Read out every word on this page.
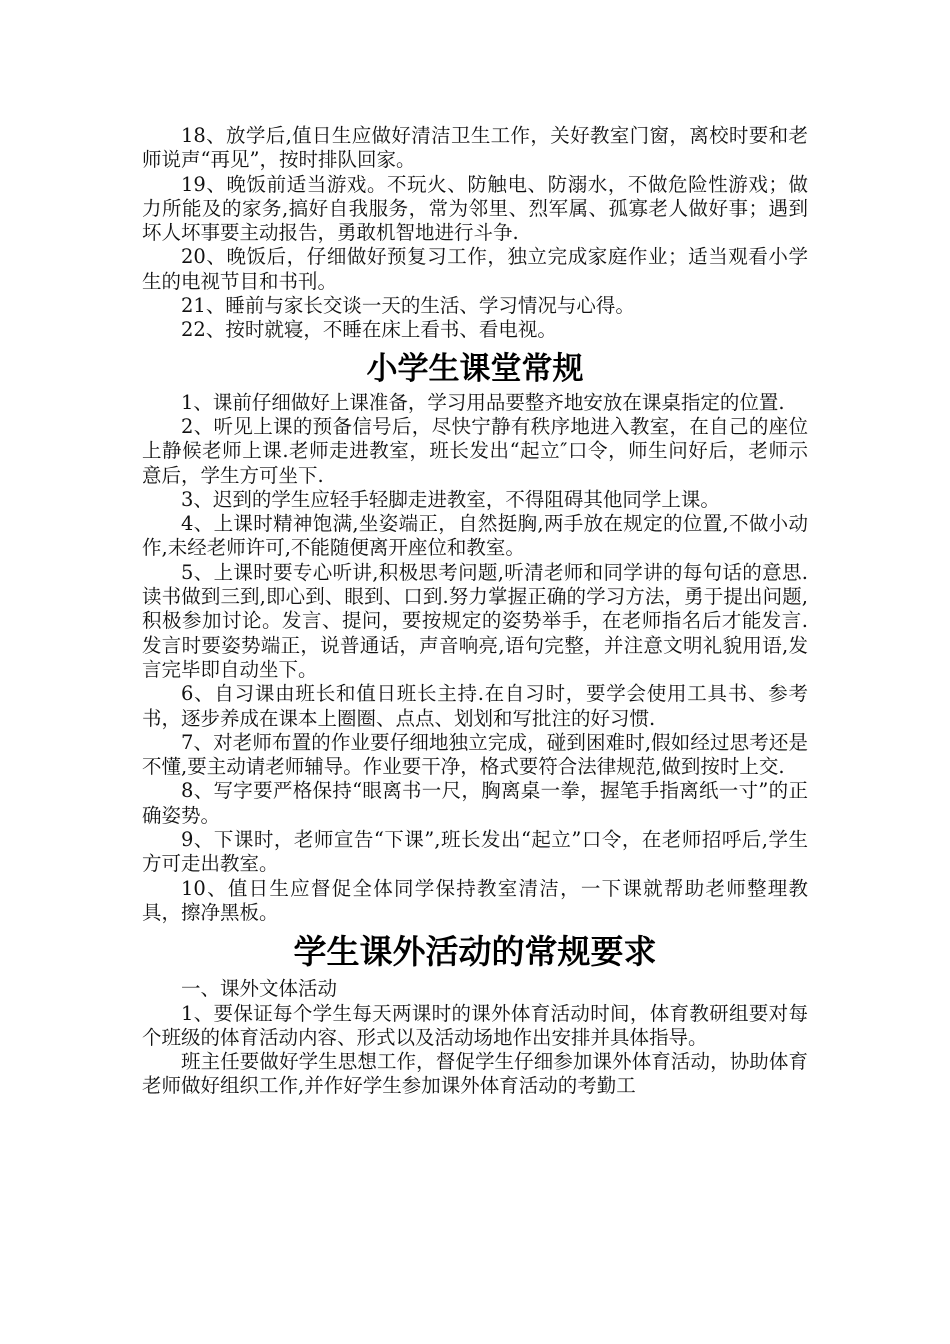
18、放学后,值日生应做好清洁卫生工作，关好教室门窗，离校时要和老师说声“再见”，按时排队回家。

19、晚饭前适当游戏。不玩火、防触电、防溺水，不做危险性游戏；做力所能及的家务,搞好自我服务，常为邻里、烈军属、孤寡老人做好事；遇到坏人坏事要主动报告，勇敢机智地进行斗争.

20、晚饭后，仔细做好预复习工作，独立完成家庭作业；适当观看小学生的电视节目和书刊。

21、睡前与家长交谈一天的生活、学习情况与心得。

22、按时就寝，不睡在床上看书、看电视。

小学生课堂常规

1、课前仔细做好上课准备，学习用品要整齐地安放在课桌指定的位置.

2、听见上课的预备信号后，尽快宁静有秩序地进入教室，在自己的座位上静候老师上课.老师走进教室，班长发出“起立″口令，师生问好后，老师示意后，学生方可坐下.

3、迟到的学生应轻手轻脚走进教室，不得阻碍其他同学上课。

4、上课时精神饱满,坐姿端正，自然挺胸,两手放在规定的位置,不做小动作,未经老师许可,不能随便离开座位和教室。

5、上课时要专心听讲,积极思考问题,听清老师和同学讲的每句话的意思.读书做到三到,即心到、眼到、口到.努力掌握正确的学习方法，勇于提出问题,积极参加讨论。发言、提问，要按规定的姿势举手，在老师指名后才能发言.发言时要姿势端正，说普通话，声音响亮,语句完整，并注意文明礼貌用语,发言完毕即自动坐下。

6、自习课由班长和值日班长主持.在自习时，要学会使用工具书、参考书，逐步养成在课本上圈圈、点点、划划和写批注的好习惯.

7、对老师布置的作业要仔细地独立完成，碰到困难时,假如经过思考还是不懂,要主动请老师辅导。作业要干净，格式要符合法律规范,做到按时上交.

8、写字要严格保持“眼离书一尺，胸离桌一拳，握笔手指离纸一寸”的正确姿势。

9、下课时，老师宣告“下课”,班长发出“起立”口令，在老师招呼后,学生方可走出教室。

10、值日生应督促全体同学保持教室清洁，一下课就帮助老师整理教具，擦净黑板。

学生课外活动的常规要求

一、课外文体活动

1、要保证每个学生每天两课时的课外体育活动时间，体育教研组要对每个班级的体育活动内容、形式以及活动场地作出安排并具体指导。

班主任要做好学生思想工作，督促学生仔细参加课外体育活动，协助体育老师做好组织工作,并作好学生参加课外体育活动的考勤工
